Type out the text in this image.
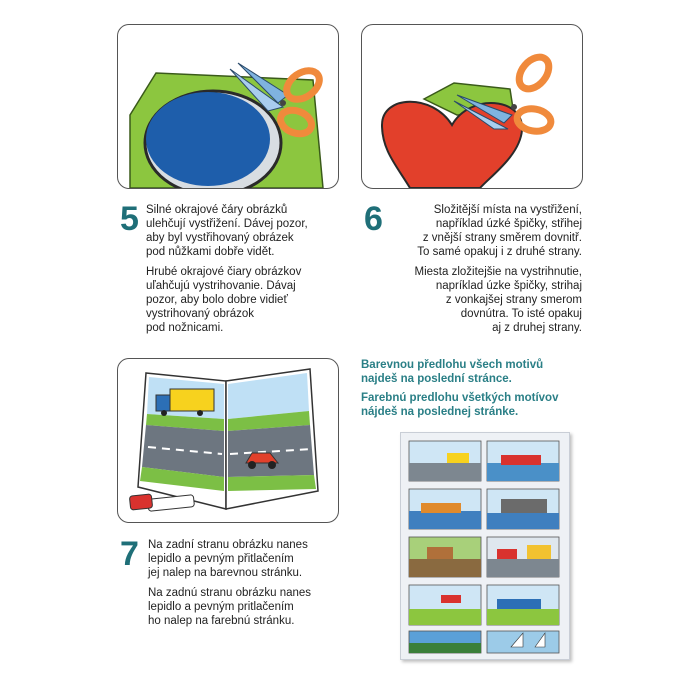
5 Silné okrajové čáry obrázků
ulehčují vystřižení. Dávej pozor,
aby byl vystřihovaný obrázek
pod nůžkami dobře vidět.

Hrubé okrajové čiary obrázkov
uľahčujú vystrihovanie. Dávaj
pozor, aby bolo dobre vidieť
vystrihovaný obrázok
pod nožnicami.

6	Složitější místa na vystřižení,
například úzké špičky, střihej
z vnější strany směrem dovnitř.
To samé opakuj i z druhé strany.

Miesta zložitejšie na vystrihnutie,
napríklad úzke špičky, strihaj
z vonkajšej strany smerom
dovnútra. To isté opakuj
aj z druhej strany.

7 Na zadní stranu obrázku nanes
lepidlo a pevným přitlačením
jej nalep na barevnou stránku.

Na zadnú stranu obrázku nanes
lepidlo a pevným pritlačením
ho nalep na farebnú stránku.

Barevnou předlohu všech motivů
najdeš na poslední stránce.

Farebnú predlohu všetkých motívov
nájdeš na poslednej stránke.
